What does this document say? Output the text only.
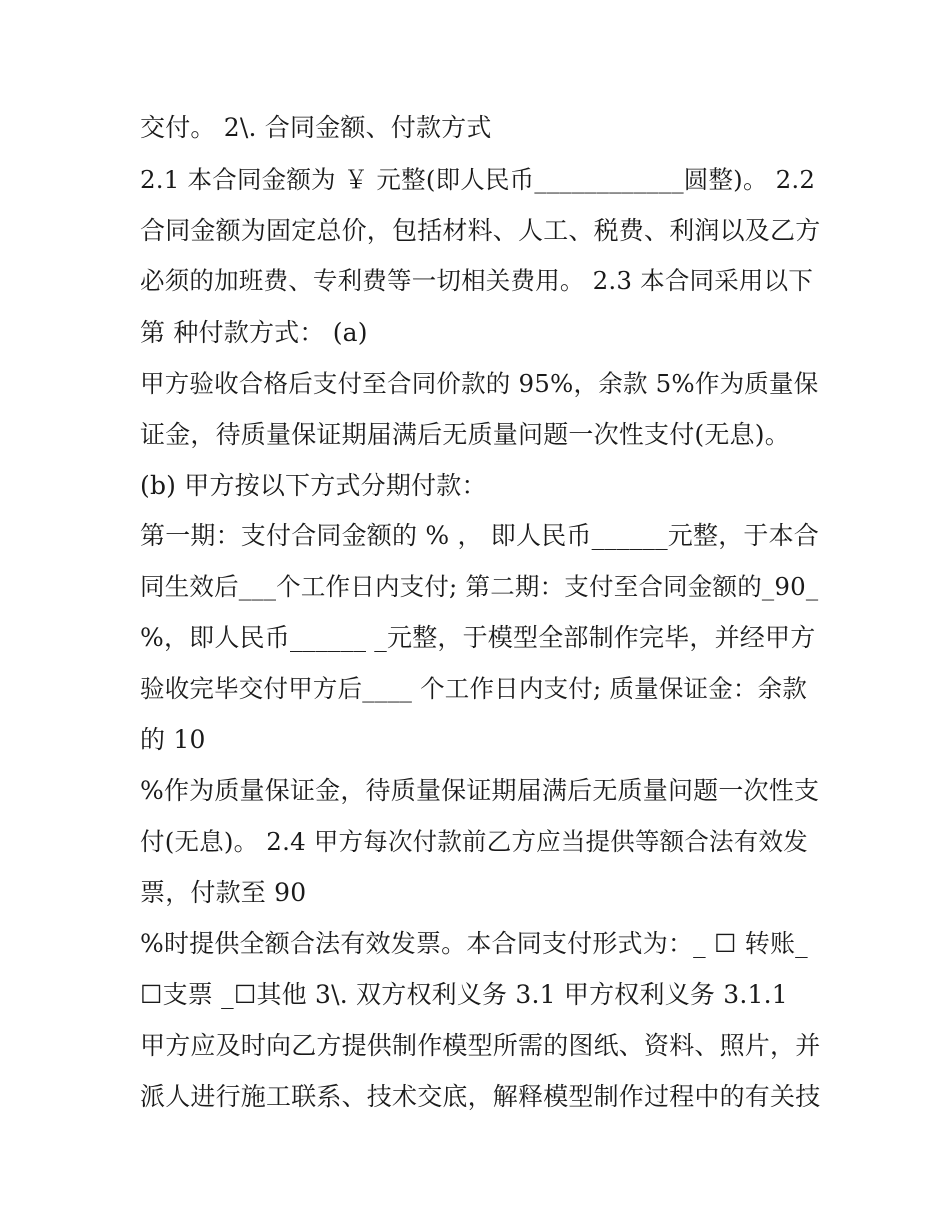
交付。 2\. 合同金额、付款方式
2.1 本合同金额为 ￥ 元整(即人民币____________圆整)。 2.2
合同金额为固定总价，包括材料、人工、税费、利润以及乙方
必须的加班费、专利费等一切相关费用。 2.3 本合同采用以下
第 种付款方式： (a)
甲方验收合格后支付至合同价款的 95%，余款 5%作为质量保
证金，待质量保证期届满后无质量问题一次性支付(无息)。
(b) 甲方按以下方式分期付款：
第一期：支付合同金额的 % ， 即人民币______元整，于本合
同生效后___个工作日内支付; 第二期：支付至合同金额的_90_
%，即人民币______ _元整，于模型全部制作完毕，并经甲方
验收完毕交付甲方后____ 个工作日内支付; 质量保证金：余款
的 10
%作为质量保证金，待质量保证期届满后无质量问题一次性支
付(无息)。 2.4 甲方每次付款前乙方应当提供等额合法有效发
票，付款至 90
%时提供全额合法有效发票。本合同支付形式为：_ ☐ 转账_
☐支票 _☐其他 3\. 双方权利义务 3.1 甲方权利义务 3.1.1
甲方应及时向乙方提供制作模型所需的图纸、资料、照片，并
派人进行施工联系、技术交底，解释模型制作过程中的有关技
